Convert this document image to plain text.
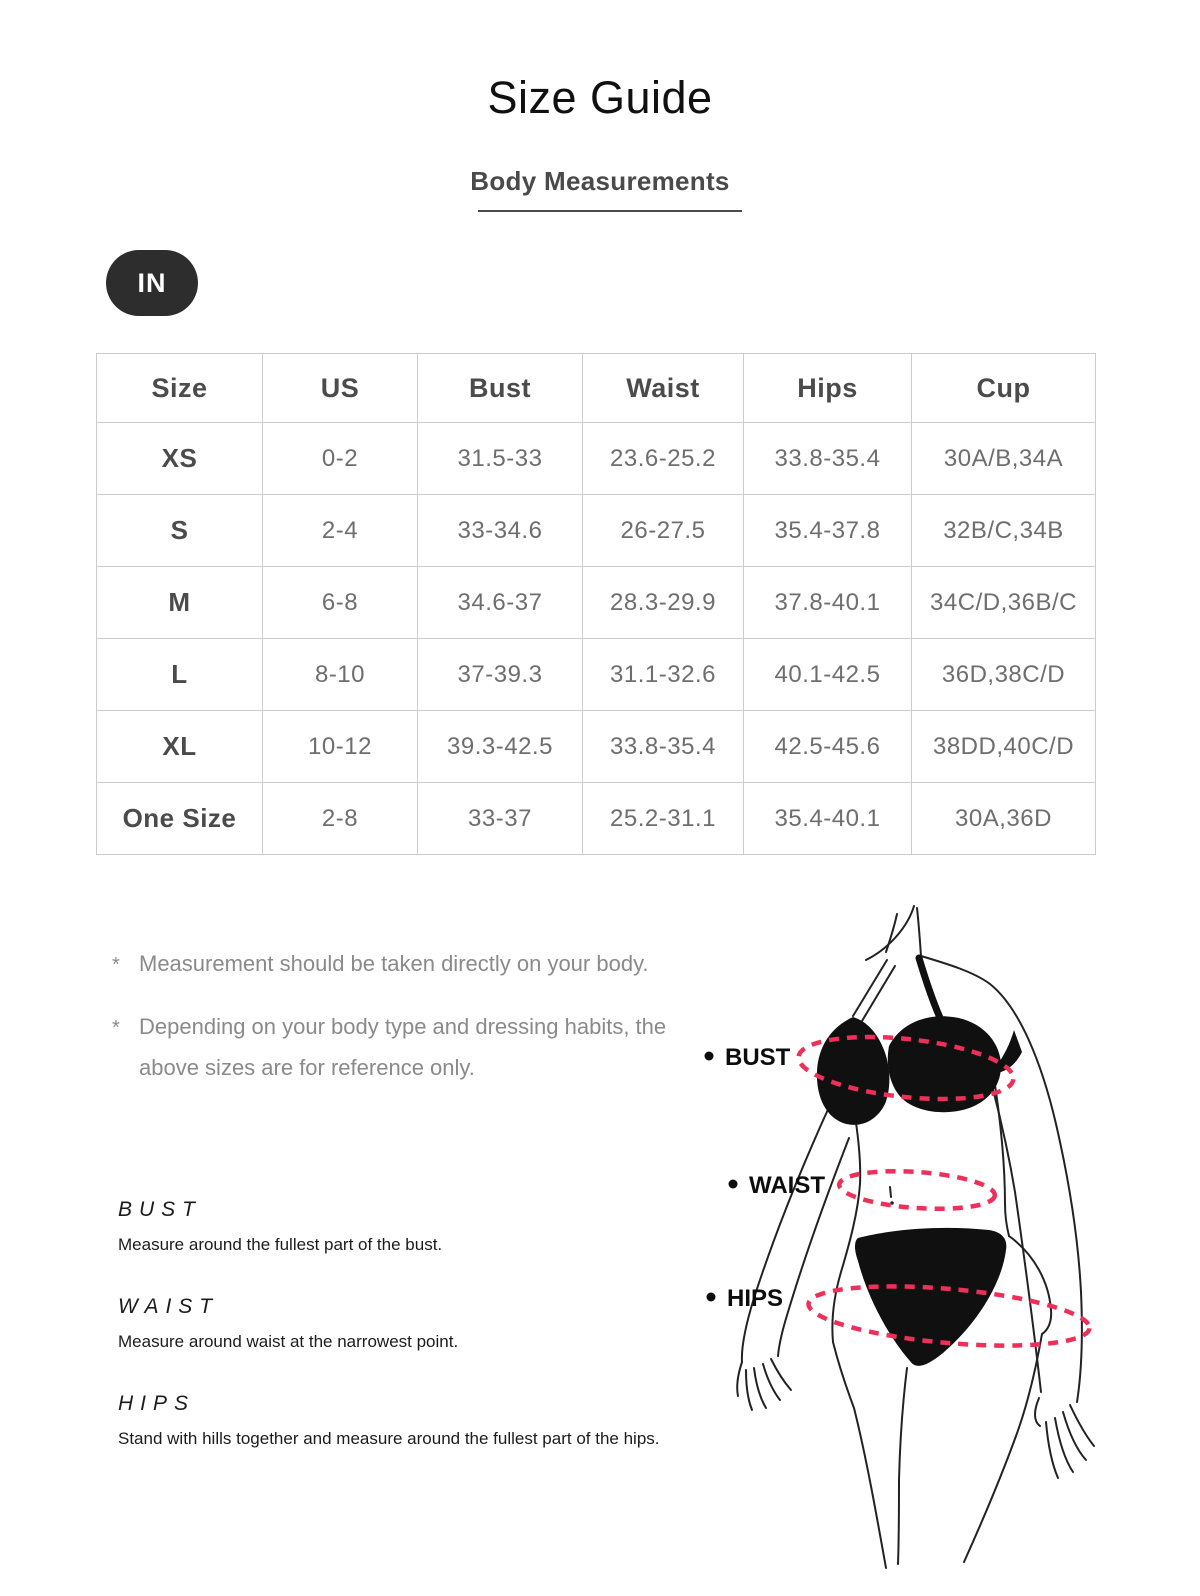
Size Guide
Body Measurements
IN
Size	US	Bust	Waist	Hips	Cup
XS	0-2	31.5-33	23.6-25.2	33.8-35.4	30A/B,34A
S	2-4	33-34.6	26-27.5	35.4-37.8	32B/C,34B
M	6-8	34.6-37	28.3-29.9	37.8-40.1	34C/D,36B/C
L	8-10	37-39.3	31.1-32.6	40.1-42.5	36D,38C/D
XL	10-12	39.3-42.5	33.8-35.4	42.5-45.6	38DD,40C/D
One Size	2-8	33-37	25.2-31.1	35.4-40.1	30A,36D

* Measurement should be taken directly on your body.

* Depending on your body type and dressing habits, the above sizes are for reference only.

BUST

Measure around the fullest part of the bust.

WAIST

Measure around waist at the narrowest point.

HIPS

Stand with hills together and measure around the fullest part of the hips.

BUST
WAIST
HIPS
